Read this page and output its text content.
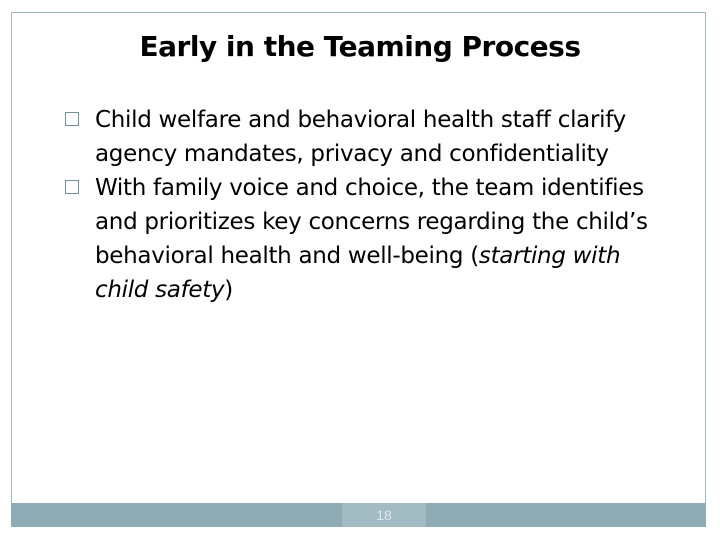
Early in the Teaming Process
Child welfare and behavioral health staff clarify agency mandates, privacy and confidentiality
With family voice and choice, the team identifies and prioritizes key concerns regarding the child’s behavioral health and well-being (starting with child safety)
18
